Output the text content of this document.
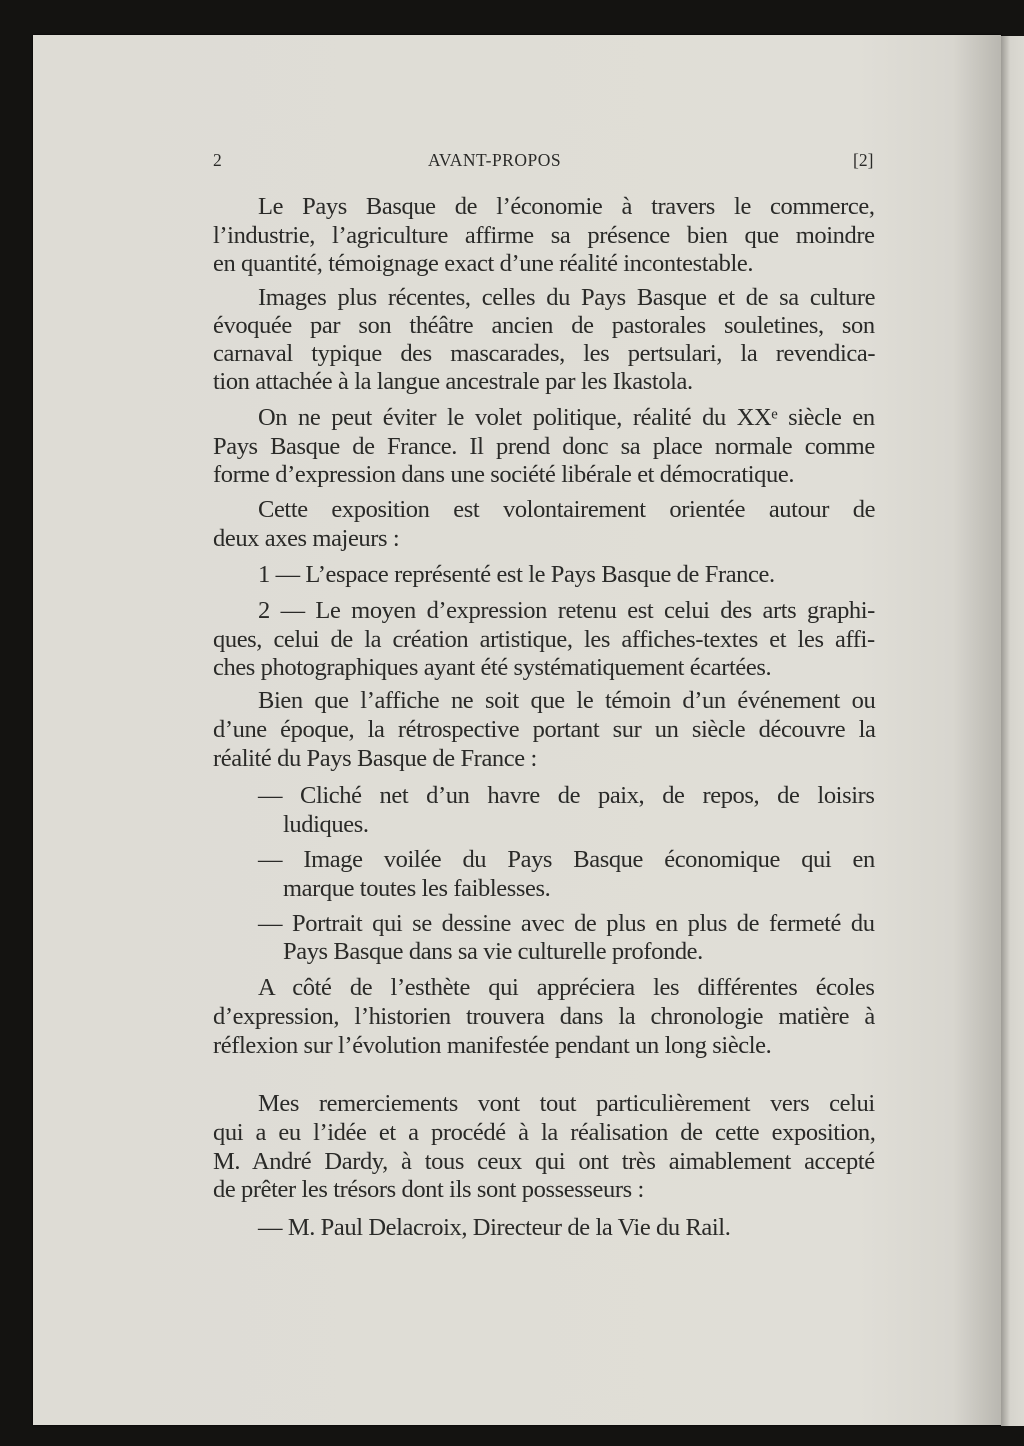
2	AVANT-PROPOS	[2]
Le Pays Basque de l’économie à travers le commerce,
l’industrie, l’agriculture affirme sa présence bien que moindre
en quantité, témoignage exact d’une réalité incontestable.
Images plus récentes, celles du Pays Basque et de sa culture
évoquée par son théâtre ancien de pastorales souletines, son
carnaval typique des mascarades, les pertsulari, la revendica-
tion attachée à la langue ancestrale par les Ikastola.
On ne peut éviter le volet politique, réalité du XXᵉ siècle en
Pays Basque de France. Il prend donc sa place normale comme
forme d’expression dans une société libérale et démocratique.
Cette exposition est volontairement orientée autour de
deux axes majeurs :
1 — L’espace représenté est le Pays Basque de France.
2 — Le moyen d’expression retenu est celui des arts graphi-
ques, celui de la création artistique, les affiches-textes et les affi-
ches photographiques ayant été systématiquement écartées.
Bien que l’affiche ne soit que le témoin d’un événement ou
d’une époque, la rétrospective portant sur un siècle découvre la
réalité du Pays Basque de France :
— Cliché net d’un havre de paix, de repos, de loisirs
ludiques.
— Image voilée du Pays Basque économique qui en
marque toutes les faiblesses.
— Portrait qui se dessine avec de plus en plus de fermeté du
Pays Basque dans sa vie culturelle profonde.
A côté de l’esthète qui appréciera les différentes écoles
d’expression, l’historien trouvera dans la chronologie matière à
réflexion sur l’évolution manifestée pendant un long siècle.
Mes remerciements vont tout particulièrement vers celui
qui a eu l’idée et a procédé à la réalisation de cette exposition,
M. André Dardy, à tous ceux qui ont très aimablement accepté
de prêter les trésors dont ils sont possesseurs :
— M. Paul Delacroix, Directeur de la Vie du Rail.
